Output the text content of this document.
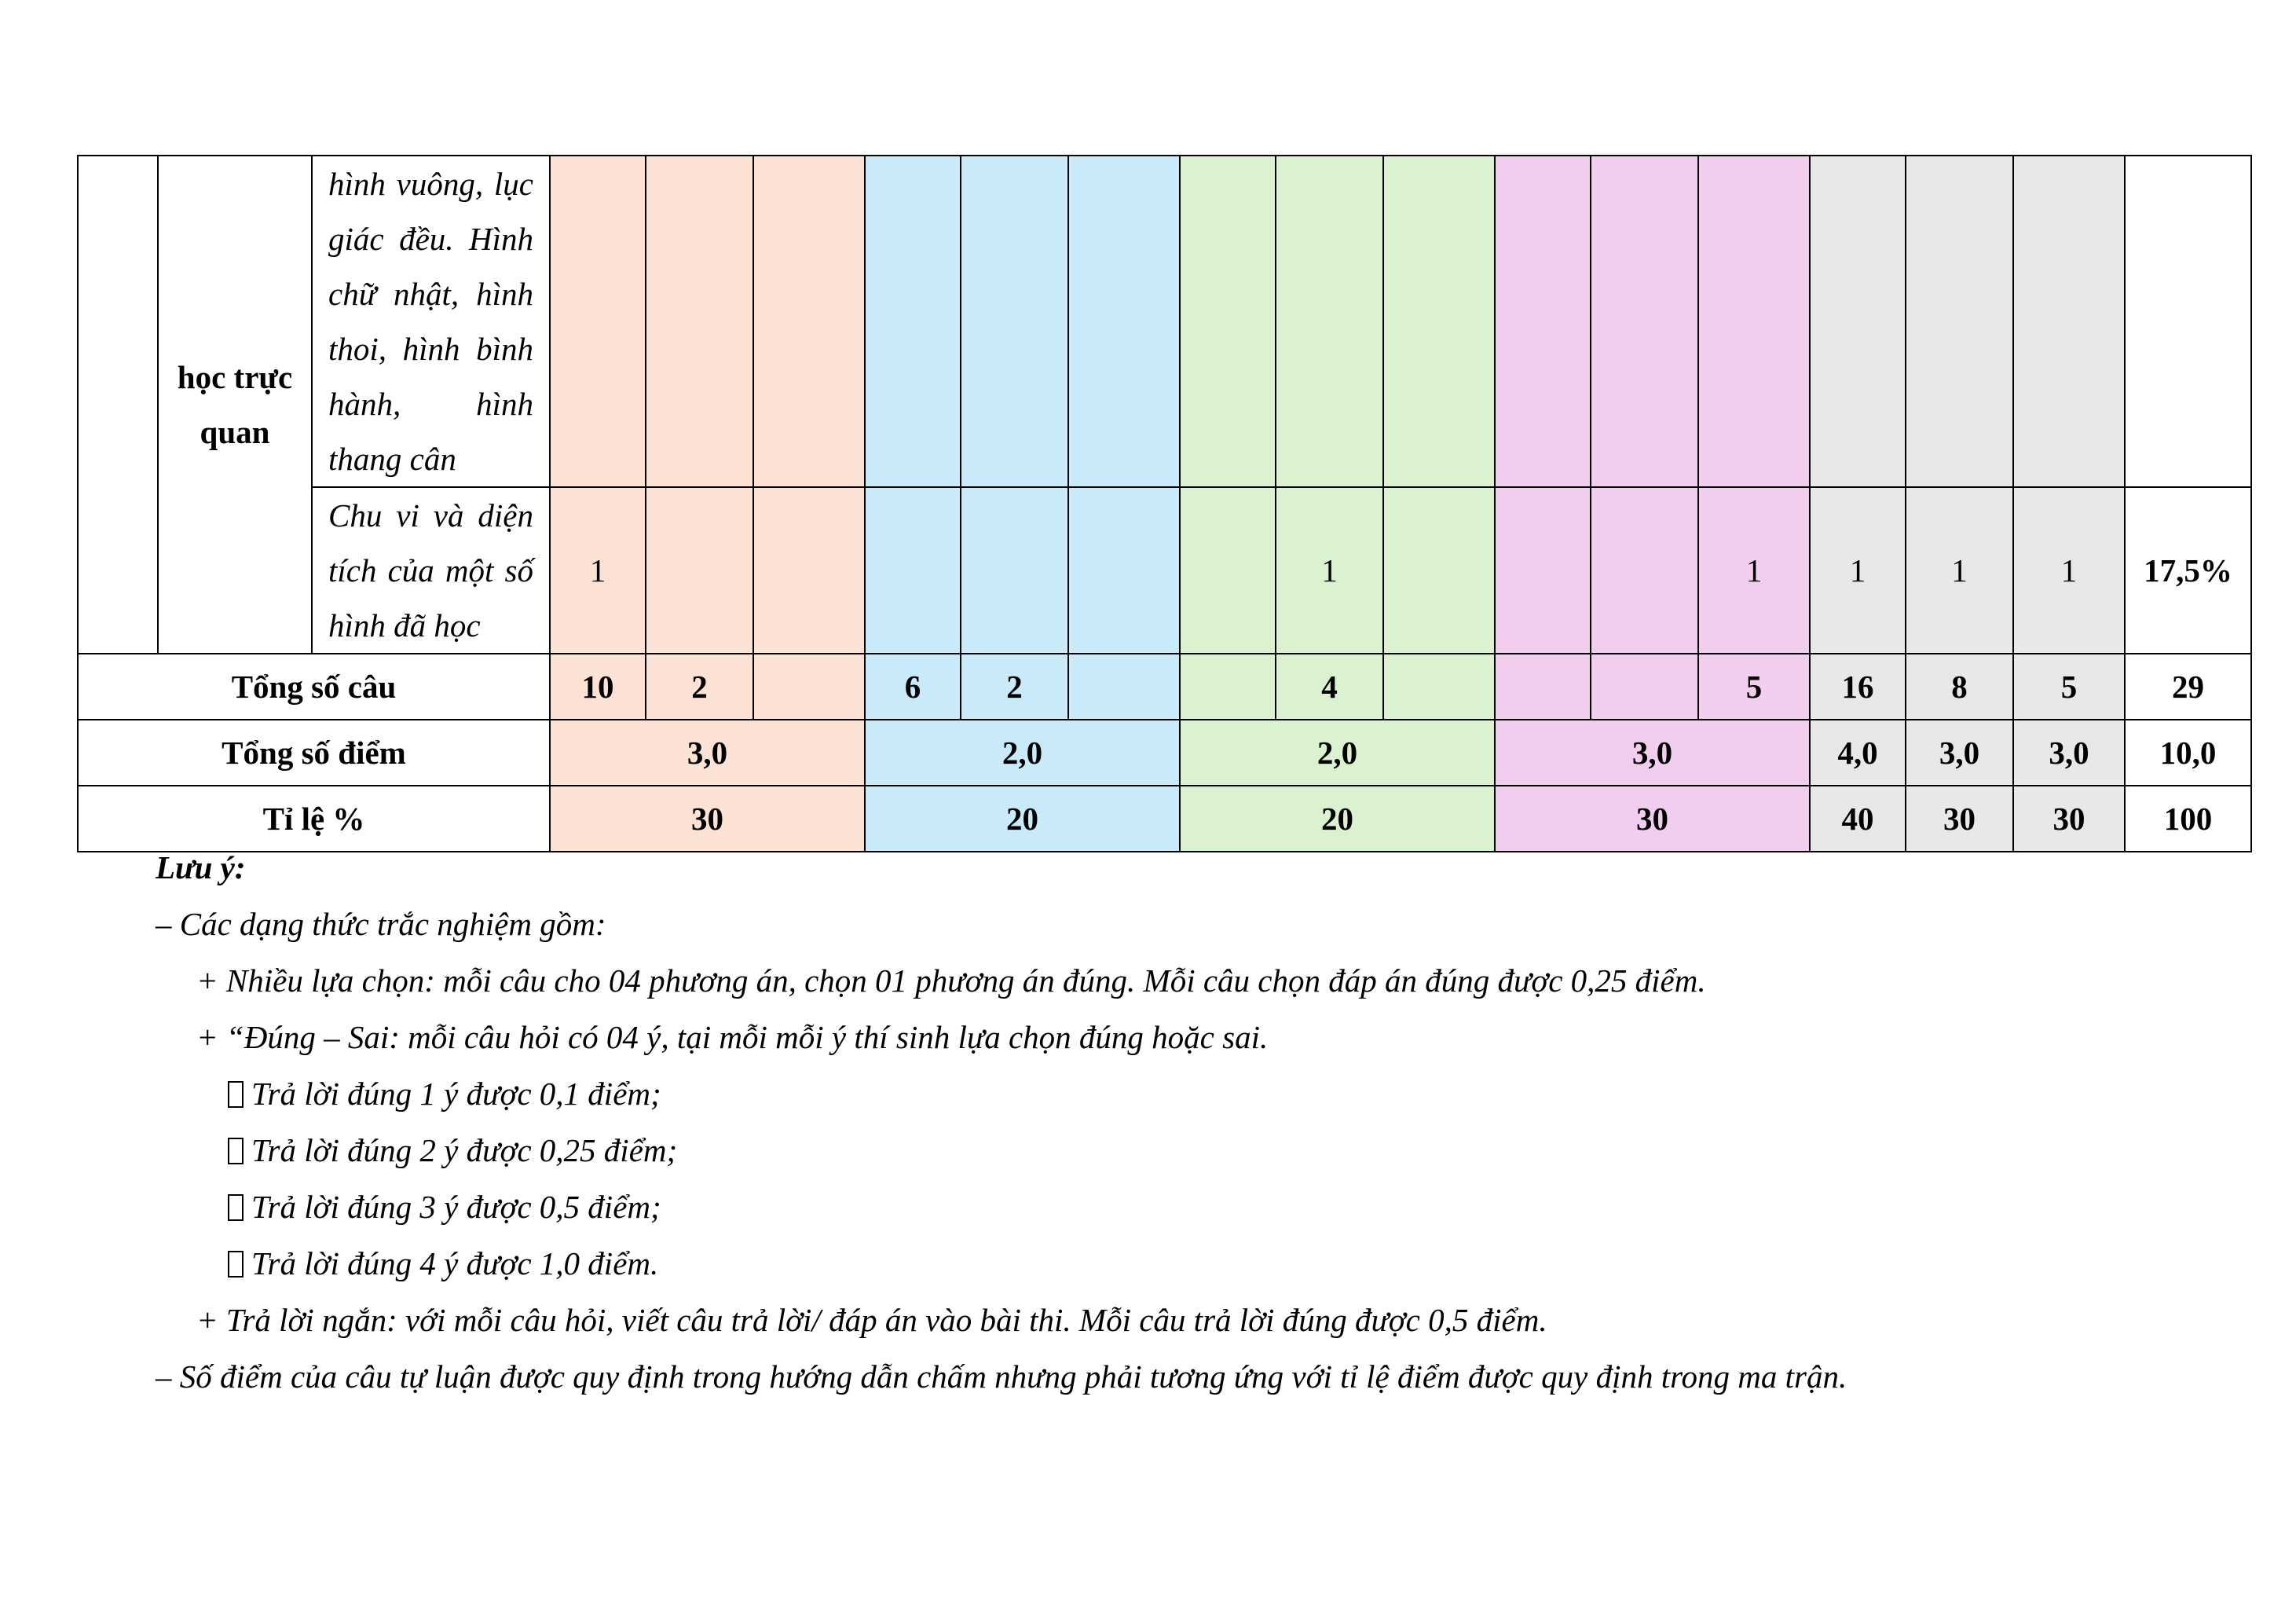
	học trực quan	hình vuông, lục giác đều. Hình chữ nhật, hình thoi, hình bình hành, hình thang cân																
		Chu vi và diện tích của một số hình đã học	1							1				1	1	1	1	17,5%
Tổng số câu			10	2		6	2			4				5	16	8	5	29
Tổng số điểm			3,0			2,0			2,0			3,0			4,0	3,0	3,0	10,0
Tỉ lệ %			30			20			20			30			40	30	30	100
Lưu ý:
– Các dạng thức trắc nghiệm gồm:
+ Nhiều lựa chọn: mỗi câu cho 04 phương án, chọn 01 phương án đúng. Mỗi câu chọn đáp án đúng được 0,25 điểm.
+ “Đúng – Sai: mỗi câu hỏi có 04 ý, tại mỗi mỗi ý thí sinh lựa chọn đúng hoặc sai.
Trả lời đúng 1 ý được 0,1 điểm;
Trả lời đúng 2 ý được 0,25 điểm;
Trả lời đúng 3 ý được 0,5 điểm;
Trả lời đúng 4 ý được 1,0 điểm.
+ Trả lời ngắn: với mỗi câu hỏi, viết câu trả lời/ đáp án vào bài thi. Mỗi câu trả lời đúng được 0,5 điểm.
– Số điểm của câu tự luận được quy định trong hướng dẫn chấm nhưng phải tương ứng với tỉ lệ điểm được quy định trong ma trận.
